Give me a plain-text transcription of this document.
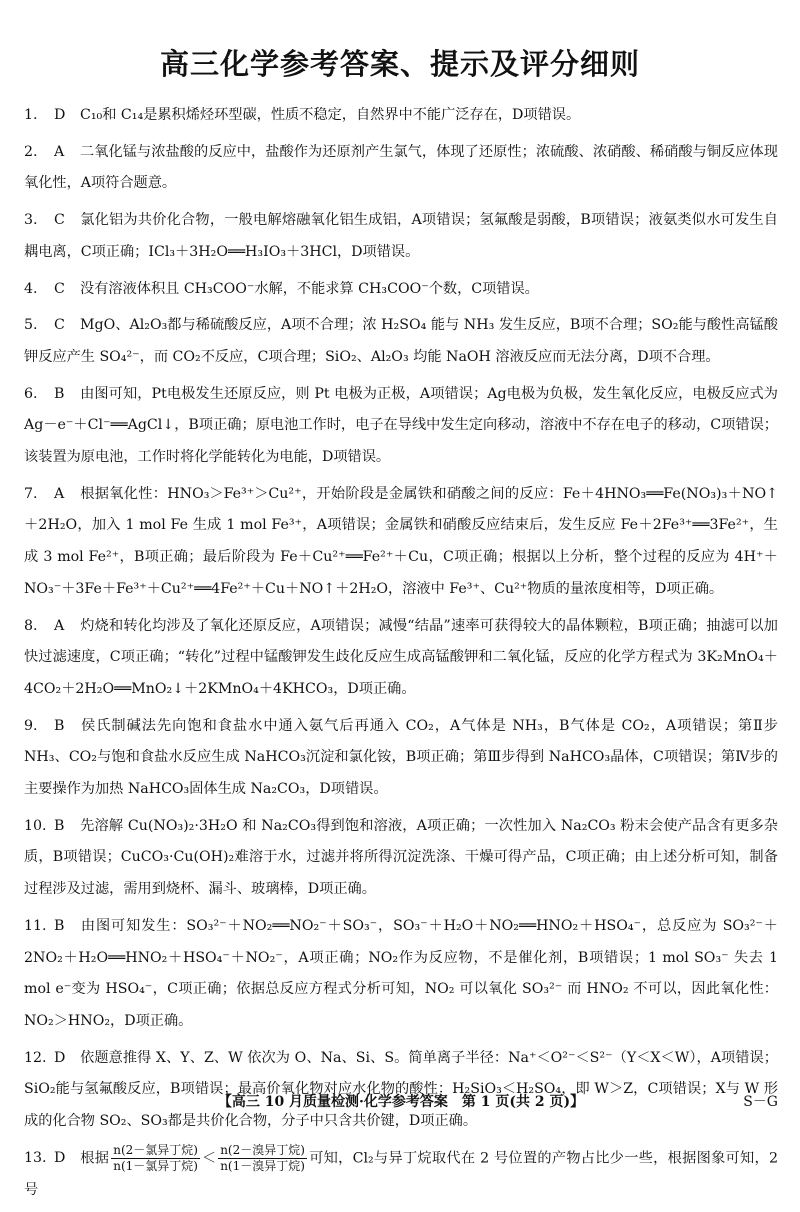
高三化学参考答案、提示及评分细则
1. D C₁₀和 C₁₄是累积烯烃环型碳，性质不稳定，自然界中不能广泛存在，D项错误。
2. A 二氧化锰与浓盐酸的反应中，盐酸作为还原剂产生氯气，体现了还原性；浓硫酸、浓硝酸、稀硝酸与铜反应体现氧化性，A项符合题意。
3. C 氯化铝为共价化合物，一般电解熔融氧化铝生成铝，A项错误；氢氟酸是弱酸，B项错误；液氨类似水可发生自耦电离，C项正确；ICl₃＋3H₂O══H₃IO₃＋3HCl，D项错误。
4. C 没有溶液体积且 CH₃COO⁻水解，不能求算 CH₃COO⁻个数，C项错误。
5. C MgO、Al₂O₃都与稀硫酸反应，A项不合理；浓 H₂SO₄ 能与 NH₃ 发生反应，B项不合理；SO₂能与酸性高锰酸钾反应产生 SO₄²⁻，而 CO₂不反应，C项合理；SiO₂、Al₂O₃ 均能 NaOH 溶液反应而无法分离，D项不合理。
6. B 由图可知，Pt电极发生还原反应，则 Pt 电极为正极，A项错误；Ag电极为负极，发生氧化反应，电极反应式为 Ag－e⁻＋Cl⁻══AgCl↓，B项正确；原电池工作时，电子在导线中发生定向移动，溶液中不存在电子的移动，C项错误；该装置为原电池，工作时将化学能转化为电能，D项错误。
7. A 根据氧化性：HNO₃＞Fe³⁺＞Cu²⁺，开始阶段是金属铁和硝酸之间的反应：Fe＋4HNO₃══Fe(NO₃)₃＋NO↑＋2H₂O，加入 1 mol Fe 生成 1 mol Fe³⁺，A项错误；金属铁和硝酸反应结束后，发生反应 Fe＋2Fe³⁺══3Fe²⁺，生成 3 mol Fe²⁺，B项正确；最后阶段为 Fe＋Cu²⁺══Fe²⁺＋Cu，C项正确；根据以上分析，整个过程的反应为 4H⁺＋NO₃⁻＋3Fe＋Fe³⁺＋Cu²⁺══4Fe²⁺＋Cu＋NO↑＋2H₂O，溶液中 Fe³⁺、Cu²⁺物质的量浓度相等，D项正确。
8. A 灼烧和转化均涉及了氧化还原反应，A项错误；减慢“结晶”速率可获得较大的晶体颗粒，B项正确；抽滤可以加快过滤速度，C项正确；“转化”过程中锰酸钾发生歧化反应生成高锰酸钾和二氧化锰，反应的化学方程式为 3K₂MnO₄＋4CO₂＋2H₂O══MnO₂↓＋2KMnO₄＋4KHCO₃，D项正确。
9. B 侯氏制碱法先向饱和食盐水中通入氨气后再通入 CO₂，A气体是 NH₃，B气体是 CO₂，A项错误；第Ⅱ步 NH₃、CO₂与饱和食盐水反应生成 NaHCO₃沉淀和氯化铵，B项正确；第Ⅲ步得到 NaHCO₃晶体，C项错误；第Ⅳ步的主要操作为加热 NaHCO₃固体生成 Na₂CO₃，D项错误。
10. B 先溶解 Cu(NO₃)₂·3H₂O 和 Na₂CO₃得到饱和溶液，A项正确；一次性加入 Na₂CO₃ 粉末会使产品含有更多杂质，B项错误；CuCO₃·Cu(OH)₂难溶于水，过滤并将所得沉淀洗涤、干燥可得产品，C项正确；由上述分析可知，制备过程涉及过滤，需用到烧杯、漏斗、玻璃棒，D项正确。
11. B 由图可知发生：SO₃²⁻＋NO₂══NO₂⁻＋SO₃⁻，SO₃⁻＋H₂O＋NO₂══HNO₂＋HSO₄⁻，总反应为 SO₃²⁻＋2NO₂＋H₂O══HNO₂＋HSO₄⁻＋NO₂⁻，A项正确；NO₂作为反应物，不是催化剂，B项错误；1 mol SO₃⁻ 失去 1 mol e⁻变为 HSO₄⁻，C项正确；依据总反应方程式分析可知，NO₂ 可以氧化 SO₃²⁻ 而 HNO₂ 不可以，因此氧化性：NO₂＞HNO₂，D项正确。
12. D 依题意推得 X、Y、Z、W 依次为 O、Na、Si、S。简单离子半径：Na⁺＜O²⁻＜S²⁻（Y＜X＜W），A项错误；SiO₂能与氢氟酸反应，B项错误；最高价氧化物对应水化物的酸性：H₂SiO₃＜H₂SO₄，即 W＞Z，C项错误；X与 W 形成的化合物 SO₂、SO₃都是共价化合物，分子中只含共价键，D项正确。
13. D 根据 $\frac{\text{n(2－氯异丁烷)}}{\text{n(1－氯异丁烷)}} < \frac{\text{n(2－溴异丁烷)}}{\text{n(1－溴异丁烷)}}$ 可知，Cl₂与异丁烷取代在 2 号位置的产物占比少一些，根据图象可知，2 号
【高三 10 月质量检测·化学参考答案　第 1 页(共 2 页)】	S－G
